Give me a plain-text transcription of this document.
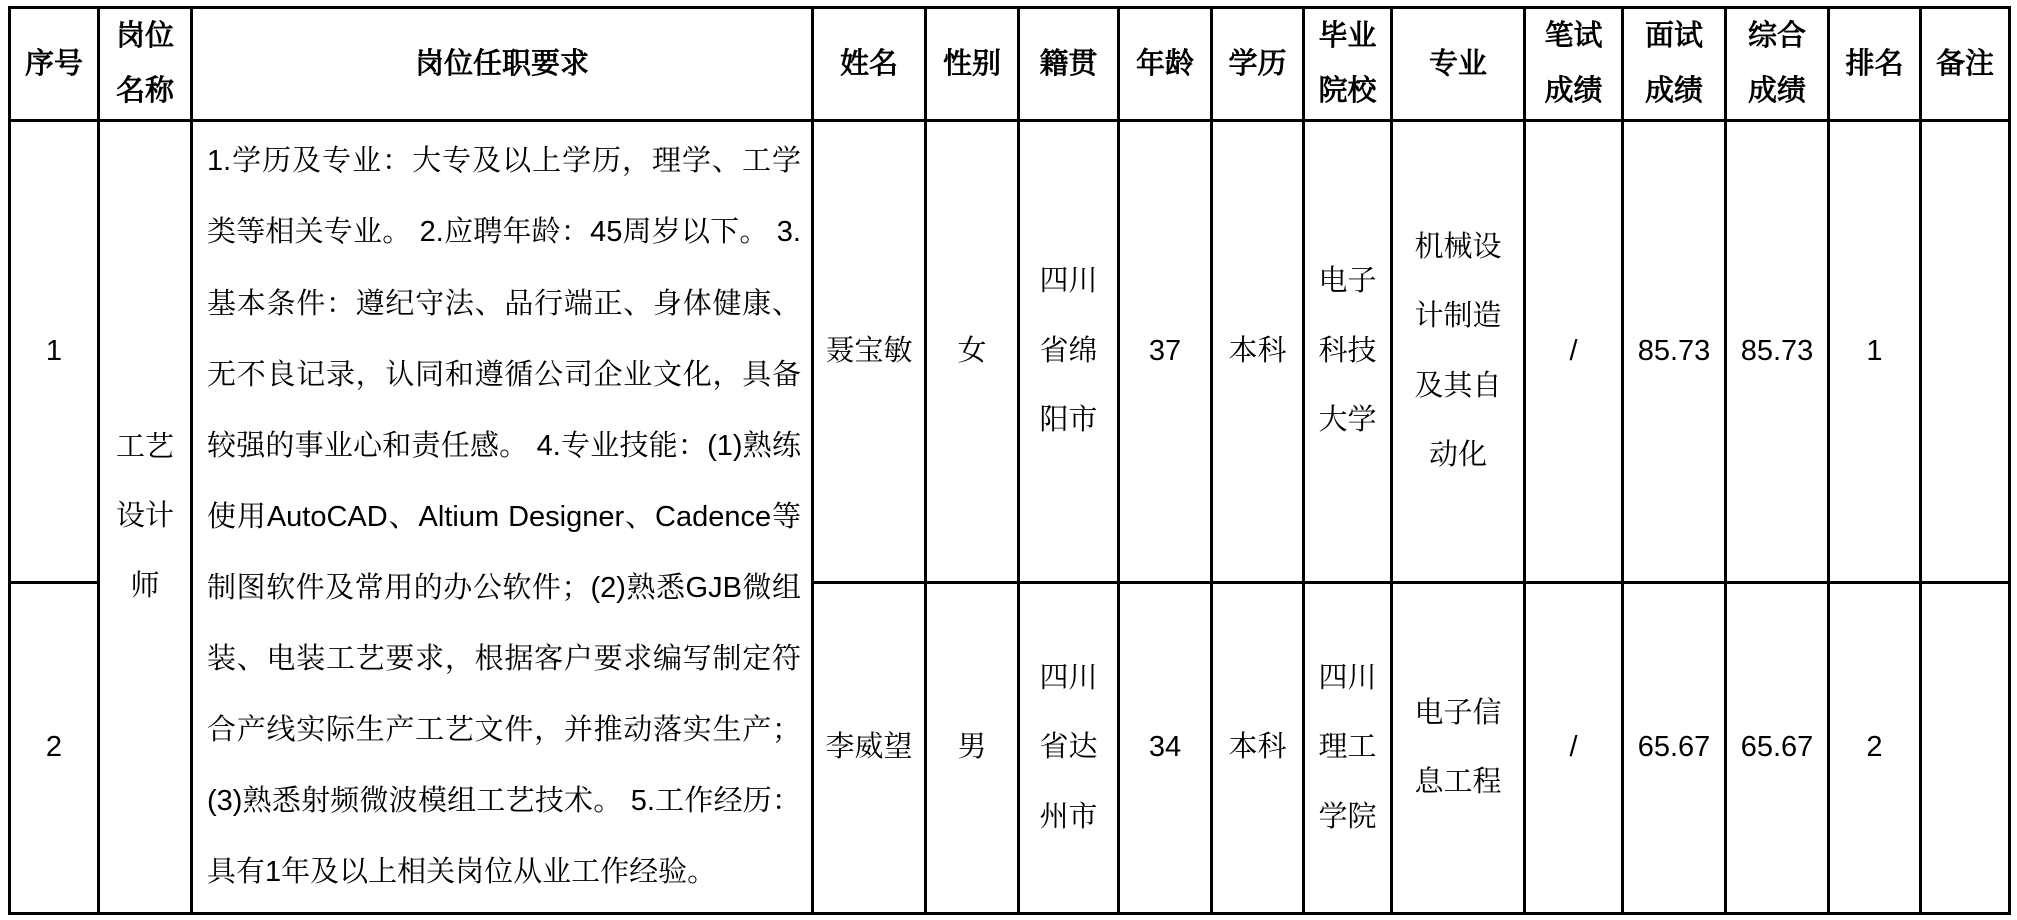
序号	岗位名称	岗位任职要求	姓名	性别	籍贯	年龄	学历	毕业院校	专业	笔试成绩	面试成绩	综合成绩	排名	备注
1	工艺设计师	1.学历及专业：大专及以上学历，理学、工学类等相关专业。 2.应聘年龄：45周岁以下。 3.基本条件：遵纪守法、品行端正、身体健康、无不良记录，认同和遵循公司企业文化，具备较强的事业心和责任感。 4.专业技能：(1)熟练使用AutoCAD、Altium Designer、Cadence等制图软件及常用的办公软件；(2)熟悉GJB微组装、电装工艺要求，根据客户要求编写制定符合产线实际生产工艺文件，并推动落实生产；(3)熟悉射频微波模组工艺技术。 5.工作经历：具有1年及以上相关岗位从业工作经验。	聂宝敏	女	四川省绵阳市	37	本科	电子科技大学	机械设计制造及其自动化	/	85.73	85.73	1	
2			李威望	男	四川省达州市	34	本科	四川理工学院	电子信息工程	/	65.67	65.67	2	
